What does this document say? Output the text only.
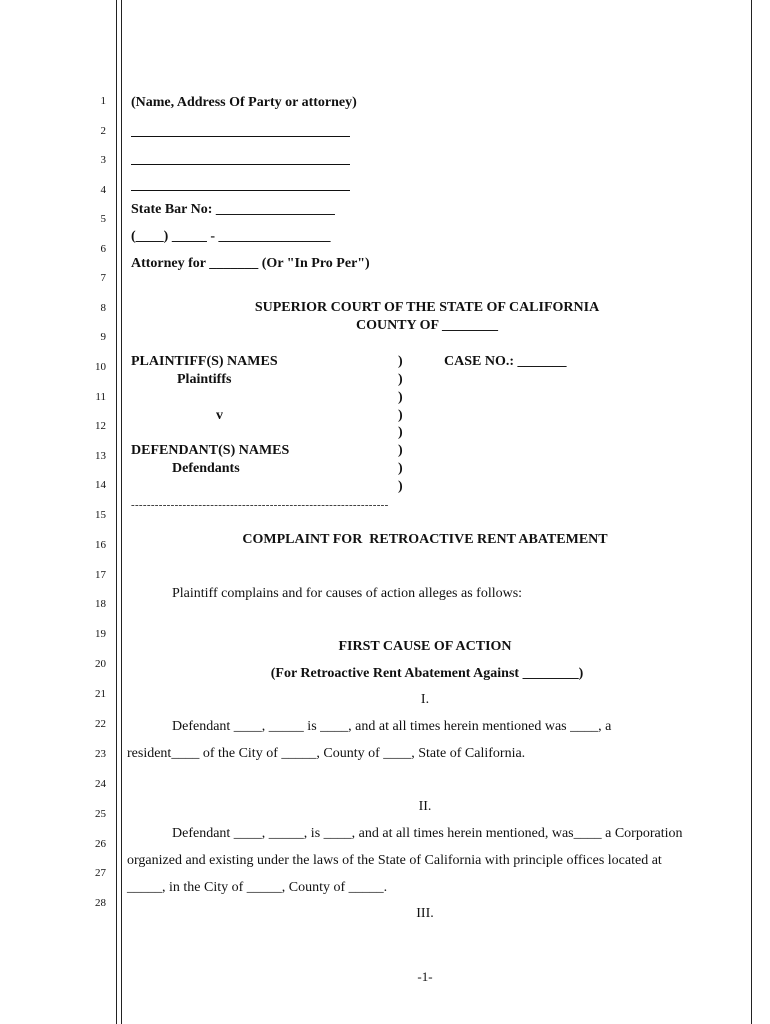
1
2
3
4
5
6
7
8
9
10
11
12
13
14
15
16
17
18
19
20
21
22
23
24
25
26
27
28
(Name, Address Of Party or attorney)
State Bar No: _________________
(____) _____ - ________________
Attorney for _______ (Or "In Pro Per")
SUPERIOR COURT OF THE STATE OF CALIFORNIA
COUNTY OF ________
PLAINTIFF(S) NAMES
Plaintiffs
v
DEFENDANT(S) NAMES
Defendants
)
)
)
)
)
)
)
)
CASE NO.: _______
-----------------------------------------------------------------
COMPLAINT FOR  RETROACTIVE RENT ABATEMENT
Plaintiff complains and for causes of action alleges as follows:
FIRST CAUSE OF ACTION
(For Retroactive Rent Abatement Against ________)
I.
Defendant ____, _____ is ____, and at all times herein mentioned was ____, a
resident____ of the City of _____, County of ____, State of California.
II.
Defendant ____, _____, is ____, and at all times herein mentioned, was____ a Corporation
organized and existing under the laws of the State of California with principle offices located at
_____, in the City of _____, County of _____.
III.
-1-
